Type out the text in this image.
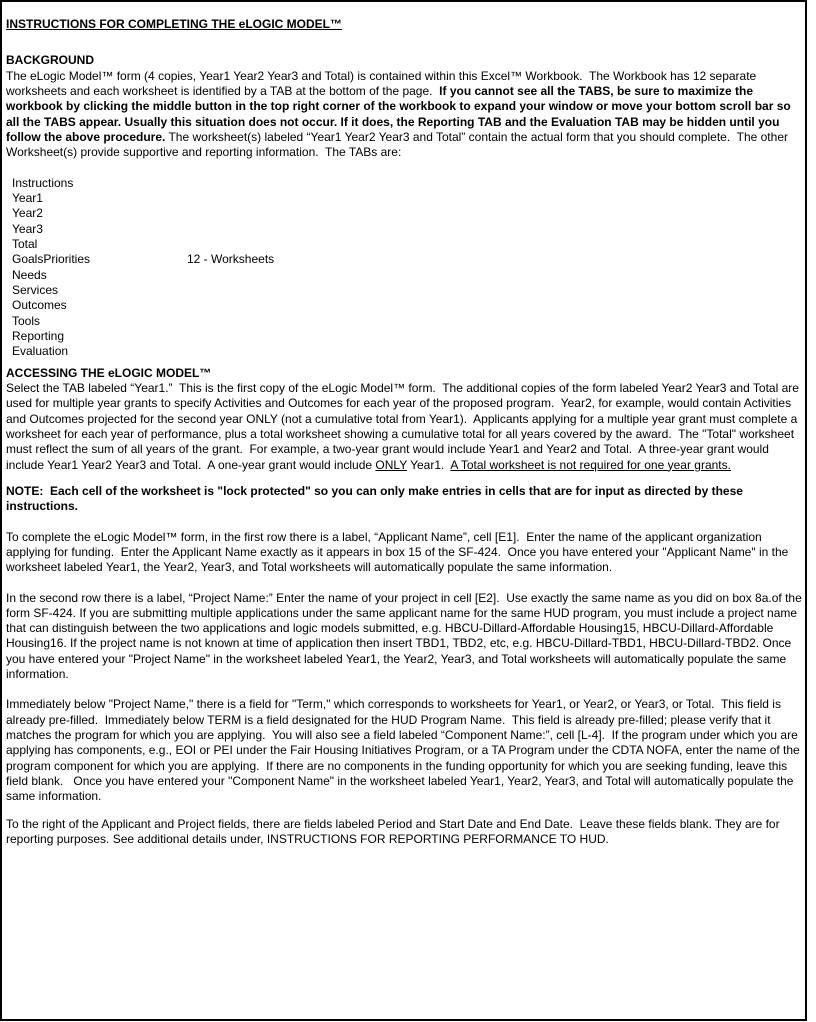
INSTRUCTIONS FOR COMPLETING THE eLOGIC MODEL™
BACKGROUND

The eLogic Model™ form (4 copies, Year1 Year2 Year3 and Total) is contained within this Excel™ Workbook.  The Workbook has 12 separate worksheets and each worksheet is identified by a TAB at the bottom of the page.  If you cannot see all the TABS, be sure to maximize the workbook by clicking the middle button in the top right corner of the workbook to expand your window or move your bottom scroll bar so all the TABS appear. Usually this situation does not occur. If it does, the Reporting TAB and the Evaluation TAB may be hidden until you follow the above procedure. The worksheet(s) labeled “Year1 Year2 Year3 and Total” contain the actual form that you should complete.  The other Worksheet(s) provide supportive and reporting information.  The TABs are:

Instructions
Year1
Year2
Year3
Total
GoalsPriorities	12 - Worksheets
Needs
Services
Outcomes
Tools
Reporting
Evaluation
ACCESSING THE eLOGIC MODEL™

Select the TAB labeled “Year1.”  This is the first copy of the eLogic Model™ form.  The additional copies of the form labeled Year2 Year3 and Total are used for multiple year grants to specify Activities and Outcomes for each year of the proposed program.  Year2, for example, would contain Activities and Outcomes projected for the second year ONLY (not a cumulative total from Year1).  Applicants applying for a multiple year grant must complete a worksheet for each year of performance, plus a total worksheet showing a cumulative total for all years covered by the award.  The "Total" worksheet must reflect the sum of all years of the grant.  For example, a two-year grant would include Year1 and Year2 and Total.  A three-year grant would include Year1 Year2 Year3 and Total.  A one-year grant would include ONLY Year1.  A Total worksheet is not required for one year grants.

NOTE:  Each cell of the worksheet is "lock protected" so you can only make entries in cells that are for input as directed by these instructions.

To complete the eLogic Model™ form, in the first row there is a label, “Applicant Name”, cell [E1].  Enter the name of the applicant organization applying for funding.  Enter the Applicant Name exactly as it appears in box 15 of the SF-424.  Once you have entered your "Applicant Name" in the worksheet labeled Year1, the Year2, Year3, and Total worksheets will automatically populate the same information.

In the second row there is a label, “Project Name:” Enter the name of your project in cell [E2].  Use exactly the same name as you did on box 8a.of the form SF-424. If you are submitting multiple applications under the same applicant name for the same HUD program, you must include a project name that can distinguish between the two applications and logic models submitted, e.g. HBCU-Dillard-Affordable Housing15, HBCU-Dillard-Affordable Housing16. If the project name is not known at time of application then insert TBD1, TBD2, etc, e.g. HBCU-Dillard-TBD1, HBCU-Dillard-TBD2. Once you have entered your "Project Name" in the worksheet labeled Year1, the Year2, Year3, and Total worksheets will automatically populate the same information.

Immediately below "Project Name," there is a field for "Term," which corresponds to worksheets for Year1, or Year2, or Year3, or Total.  This field is already pre-filled.  Immediately below TERM is a field designated for the HUD Program Name.  This field is already pre-filled; please verify that it matches the program for which you are applying.  You will also see a field labeled “Component Name:”, cell [L-4].  If the program under which you are applying has components, e.g., EOI or PEI under the Fair Housing Initiatives Program, or a TA Program under the CDTA NOFA, enter the name of the program component for which you are applying.  If there are no components in the funding opportunity for which you are seeking funding, leave this field blank.   Once you have entered your "Component Name" in the worksheet labeled Year1, Year2, Year3, and Total will automatically populate the same information.

To the right of the Applicant and Project fields, there are fields labeled Period and Start Date and End Date.  Leave these fields blank. They are for reporting purposes. See additional details under, INSTRUCTIONS FOR REPORTING PERFORMANCE TO HUD.
